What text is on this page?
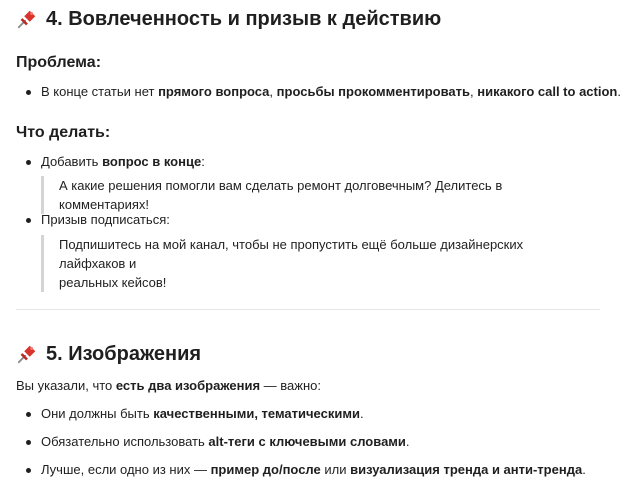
4. Вовлеченность и призыв к действию
Проблема:
В конце статьи нет прямого вопроса, просьбы прокомментировать, никакого call to action.
Что делать:
Добавить вопрос в конце:

А какие решения помогли вам сделать ремонт долговечным? Делитесь в комментариях!

Призыв подписаться:

Подпишитесь на мой канал, чтобы не пропустить ещё больше дизайнерских лайфхаков и

реальных кейсов!

5. Изображения
Вы указали, что есть два изображения — важно:
Они должны быть качественными, тематическими.
Обязательно использовать alt-теги с ключевыми словами.
Лучше, если одно из них — пример до/после или визуализация тренда и анти-тренда.
